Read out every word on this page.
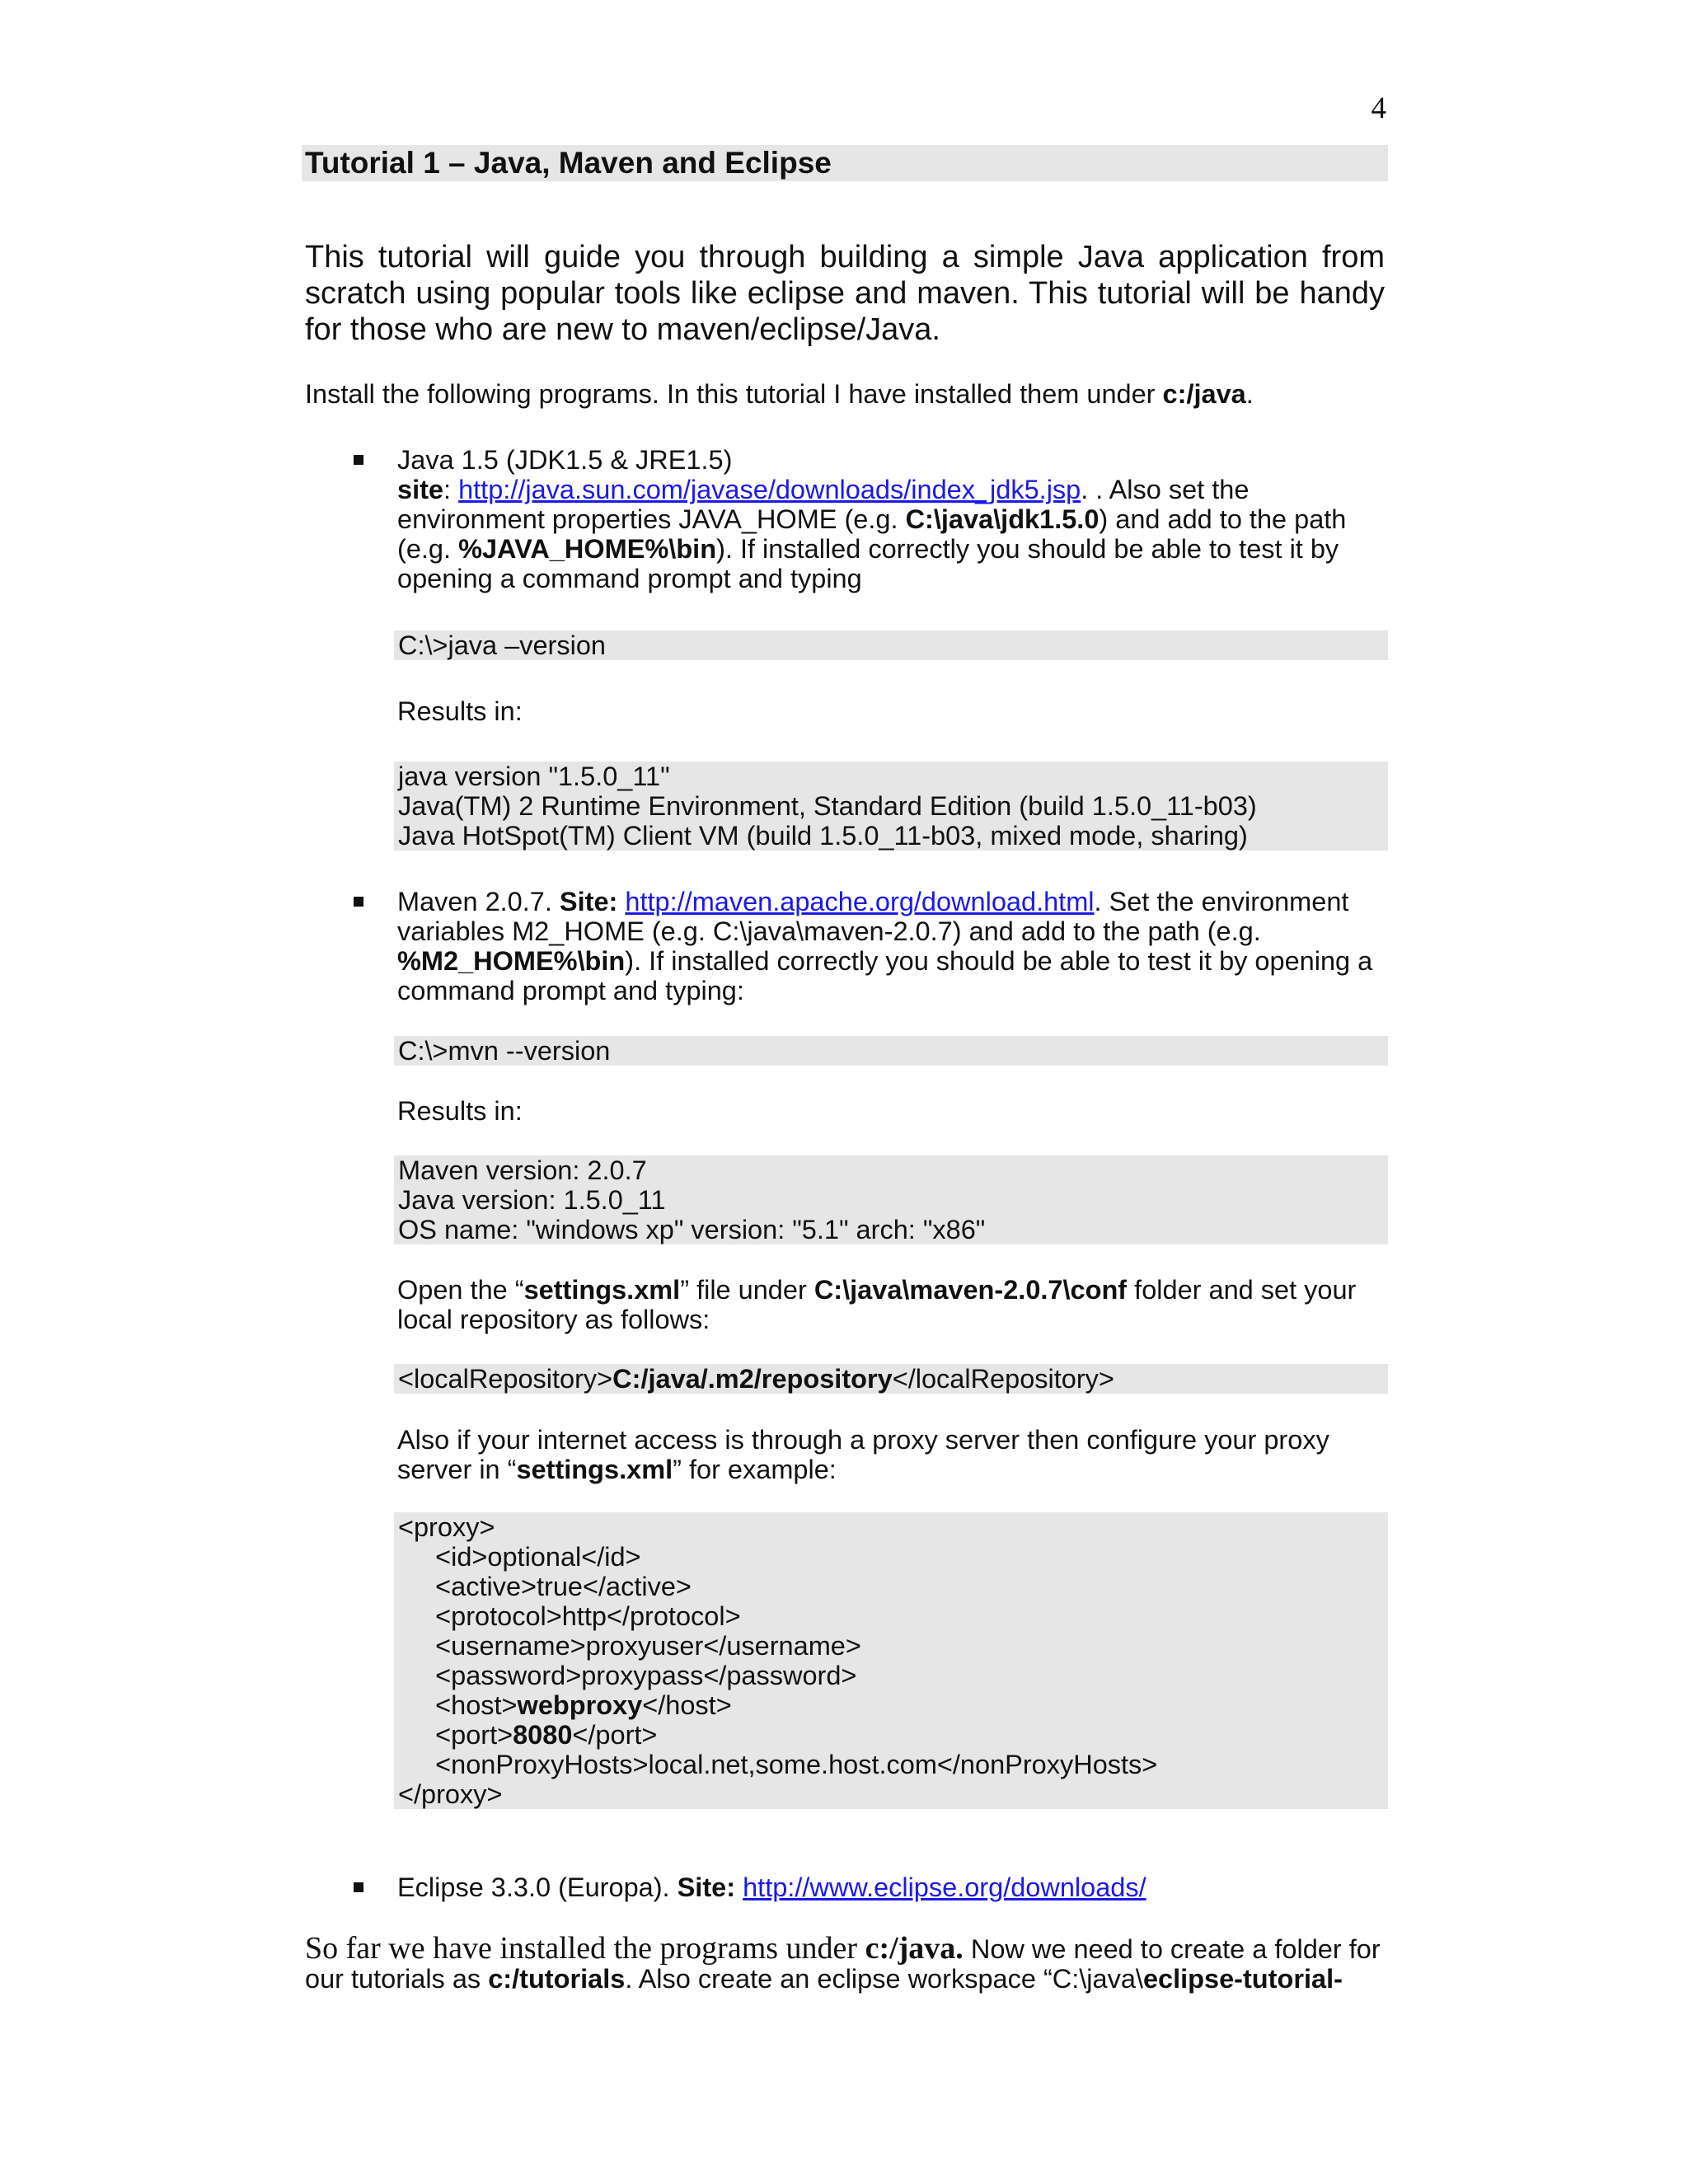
4
Tutorial 1 – Java, Maven and Eclipse
This tutorial will guide you through building a simple Java application from scratch using popular tools like eclipse and maven. This tutorial will be handy for those who are new to maven/eclipse/Java.
Install the following programs. In this tutorial I have installed them under c:/java.
Java 1.5 (JDK1.5 & JRE1.5)
site: http://java.sun.com/javase/downloads/index_jdk5.jsp. . Also set the environment properties JAVA_HOME (e.g. C:\java\jdk1.5.0) and add to the path (e.g. %JAVA_HOME%\bin). If installed correctly you should be able to test it by opening a command prompt and typing
C:\>java –version
Results in:
java version "1.5.0_11"
Java(TM) 2 Runtime Environment, Standard Edition (build 1.5.0_11-b03)
Java HotSpot(TM) Client VM (build 1.5.0_11-b03, mixed mode, sharing)
Maven 2.0.7. Site: http://maven.apache.org/download.html. Set the environment variables M2_HOME (e.g. C:\java\maven-2.0.7) and add to the path (e.g. %M2_HOME%\bin). If installed correctly you should be able to test it by opening a command prompt and typing:
C:\>mvn --version
Results in:
Maven version: 2.0.7
Java version: 1.5.0_11
OS name: "windows xp" version: "5.1" arch: "x86"
Open the “settings.xml” file under C:\java\maven-2.0.7\conf folder and set your local repository as follows:
<localRepository>C:/java/.m2/repository</localRepository>
Also if your internet access is through a proxy server then configure your proxy server in “settings.xml” for example:
<proxy>
<id>optional</id>
<active>true</active>
<protocol>http</protocol>
<username>proxyuser</username>
<password>proxypass</password>
<host>webproxy</host>
<port>8080</port>
<nonProxyHosts>local.net,some.host.com</nonProxyHosts>
</proxy>
Eclipse 3.3.0 (Europa). Site: http://www.eclipse.org/downloads/
So far we have installed the programs under c:/java. Now we need to create a folder for our tutorials as c:/tutorials. Also create an eclipse workspace “C:\java\eclipse-tutorial-
